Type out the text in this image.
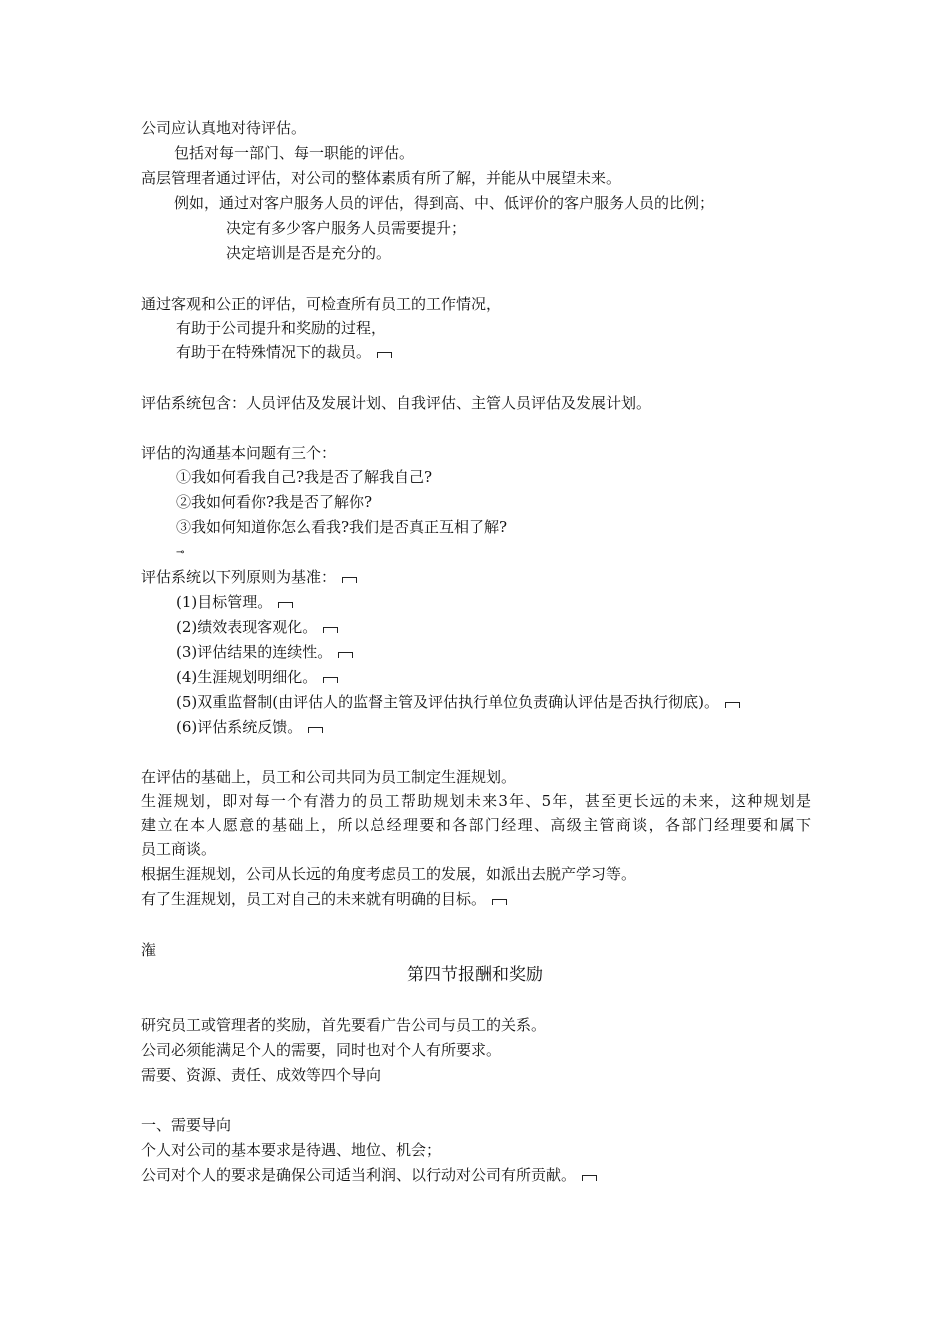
公司应认真地对待评估。
包括对每一部门、每一职能的评估。
高层管理者通过评估，对公司的整体素质有所了解，并能从中展望未来。
例如，通过对客户服务人员的评估，得到高、中、低评价的客户服务人员的比例；
决定有多少客户服务人员需要提升；
决定培训是否是充分的。
通过客观和公正的评估，可检查所有员工的工作情况，
有助于公司提升和奖励的过程，
有助于在特殊情况下的裁员。
评估系统包含：人员评估及发展计划、自我评估、主管人员评估及发展计划。
评估的沟通基本问题有三个：
①我如何看我自己?我是否了解我自己?
②我如何看你?我是否了解你?
③我如何知道你怎么看我?我们是否真正互相了解?
⊸
评估系统以下列原则为基准：
(1)目标管理。
(2)绩效表现客观化。
(3)评估结果的连续性。
(4)生涯规划明细化。
(5)双重监督制(由评估人的监督主管及评估执行单位负责确认评估是否执行彻底)。
(6)评估系统反馈。
在评估的基础上，员工和公司共同为员工制定生涯规划。
生涯规划，即对每一个有潜力的员工帮助规划未来3年、5年，甚至更长远的未来，这种规划是
建立在本人愿意的基础上，所以总经理要和各部门经理、高级主管商谈，各部门经理要和属下
员工商谈。
根据生涯规划，公司从长远的角度考虑员工的发展，如派出去脱产学习等。
有了生涯规划，员工对自己的未来就有明确的目标。
潅
第四节报酬和奖励
研究员工或管理者的奖励，首先要看广告公司与员工的关系。
公司必须能满足个人的需要，同时也对个人有所要求。
需要、资源、责任、成效等四个导向
一、需要导向
个人对公司的基本要求是待遇、地位、机会；
公司对个人的要求是确保公司适当利润、以行动对公司有所贡献。
